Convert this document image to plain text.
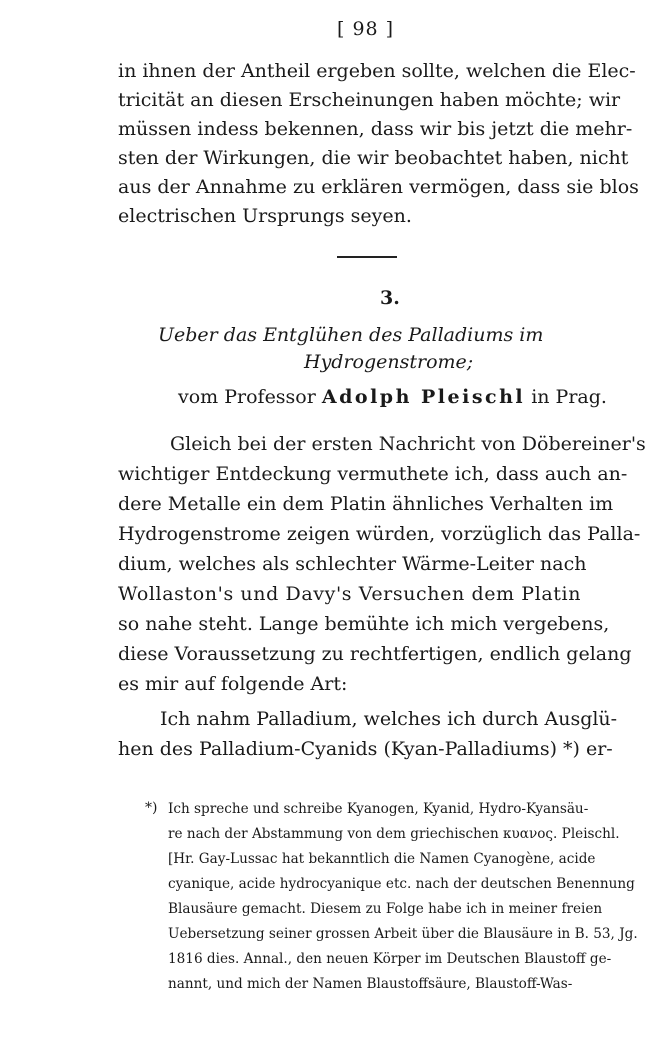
[ 98 ]
in ihnen der Antheil ergeben sollte, welchen die Elec-
tricität an diesen Erscheinungen haben möchte; wir
müssen indess bekennen, dass wir bis jetzt die mehr-
sten der Wirkungen, die wir beobachtet haben, nicht
aus der Annahme zu erklären vermögen, dass sie blos
electrischen Ursprungs seyen.
3.
Ueber das Entglühen des Palladiums im
Hydrogenstrome;
vom Professor Adolph Pleischl in Prag.
Gleich bei der ersten Nachricht von Döbereiner's
wichtiger Entdeckung vermuthete ich, dass auch an-
dere Metalle ein dem Platin ähnliches Verhalten im
Hydrogenstrome zeigen würden, vorzüglich das Palla-
dium, welches als schlechter Wärme-Leiter nach
Wollaston's und Davy's Versuchen dem Platin
so nahe steht. Lange bemühte ich mich vergebens,
diese Voraussetzung zu rechtfertigen, endlich gelang
es mir auf folgende Art:
Ich nahm Palladium, welches ich durch Ausglü-
hen des Palladium-Cyanids (Kyan-Palladiums) *) er-
*) Ich spreche und schreibe Kyanogen, Kyanid, Hydro-Kyansäu-
re nach der Abstammung von dem griechischen κυανος. Pleischl.
[Hr. Gay-Lussac hat bekanntlich die Namen Cyanogène, acide
cyanique, acide hydrocyanique etc. nach der deutschen Benennung
Blausäure gemacht. Diesem zu Folge habe ich in meiner freien
Uebersetzung seiner grossen Arbeit über die Blausäure in B. 53, Jg.
1816 dies. Annal., den neuen Körper im Deutschen Blaustoff ge-
nannt, und mich der Namen Blaustoffsäure, Blaustoff-Was-
